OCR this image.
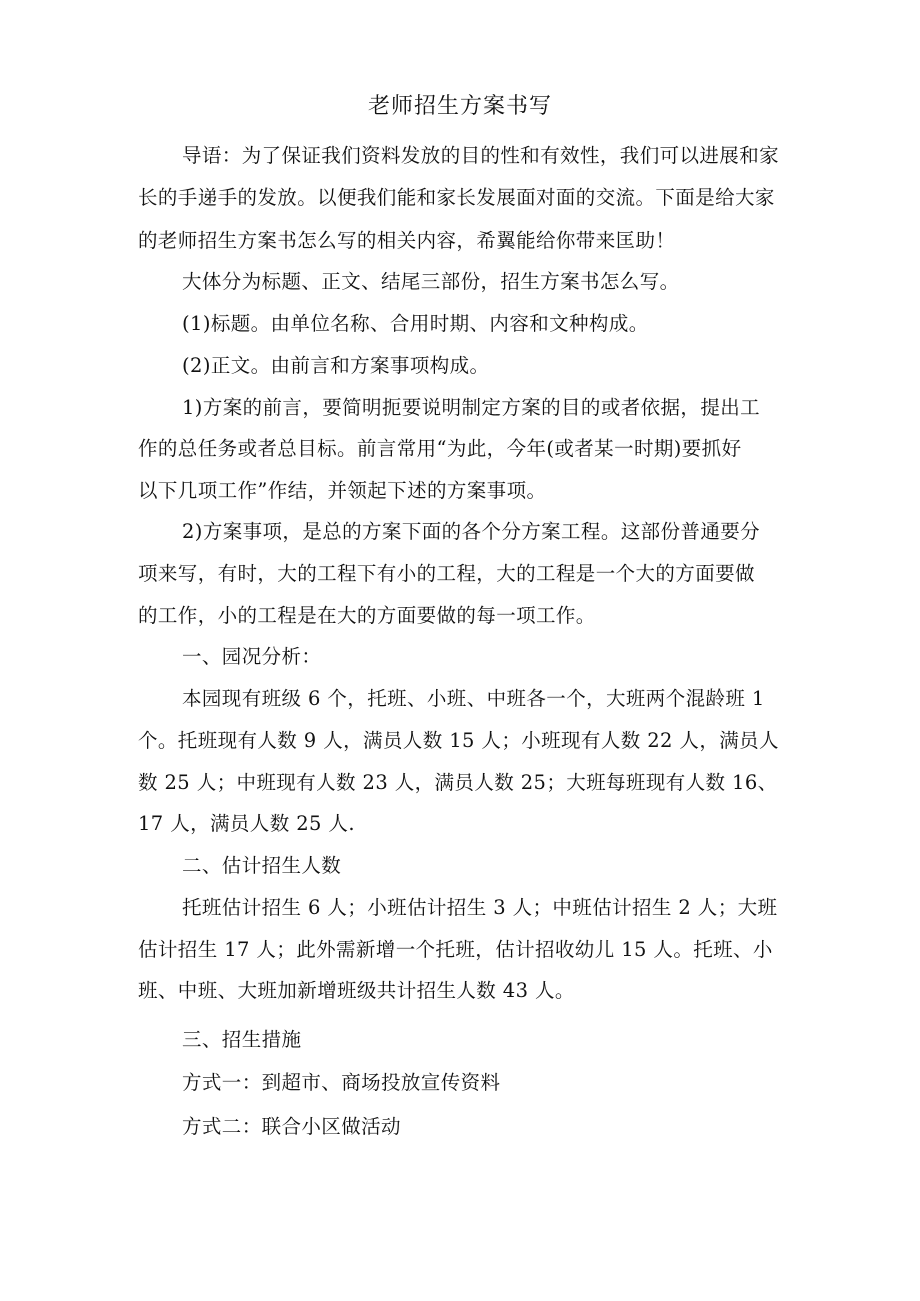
老师招生方案书写
导语：为了保证我们资料发放的目的性和有效性，我们可以进展和家
长的手递手的发放。以便我们能和家长发展面对面的交流。下面是给大家
的老师招生方案书怎么写的相关内容，希翼能给你带来匡助！
大体分为标题、正文、结尾三部份，招生方案书怎么写。
(1)标题。由单位名称、合用时期、内容和文种构成。
(2)正文。由前言和方案事项构成。
1)方案的前言，要简明扼要说明制定方案的目的或者依据，提出工
作的总任务或者总目标。前言常用“为此，今年(或者某一时期)要抓好
以下几项工作”作结，并领起下述的方案事项。
2)方案事项，是总的方案下面的各个分方案工程。这部份普通要分
项来写，有时，大的工程下有小的工程，大的工程是一个大的方面要做
的工作，小的工程是在大的方面要做的每一项工作。
一、园况分析：
本园现有班级 6 个，托班、小班、中班各一个，大班两个混龄班 1
个。托班现有人数 9 人，满员人数 15 人；小班现有人数 22 人，满员人
数 25 人；中班现有人数 23 人，满员人数 25；大班每班现有人数 16、
17 人，满员人数 25 人.
二、估计招生人数
托班估计招生 6 人；小班估计招生 3 人；中班估计招生 2 人；大班
估计招生 17 人；此外需新增一个托班，估计招收幼儿 15 人。托班、小
班、中班、大班加新增班级共计招生人数 43 人。
三、招生措施
方式一：到超市、商场投放宣传资料
方式二：联合小区做活动
